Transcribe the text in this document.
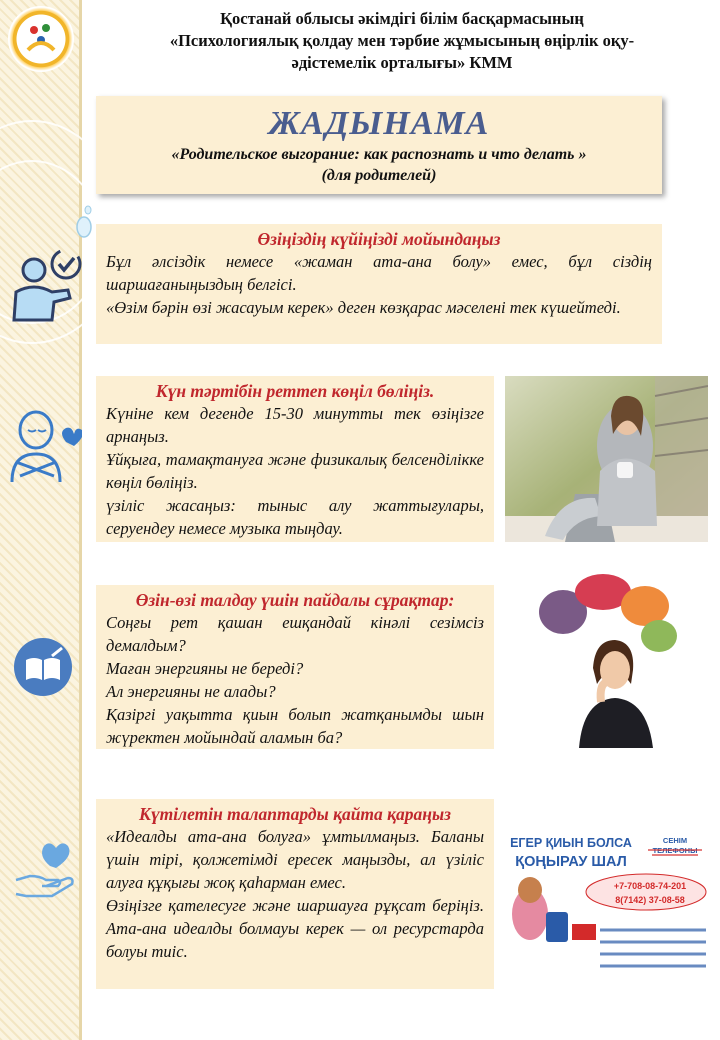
Қостанай облысы әкімдігі білім басқармасының
«Психологиялық қолдау мен тәрбие жұмысының өңірлік оқу-
әдістемелік орталығы» КММ
ЖАДЫНАМА
«Родительское выгорание: как распознать и что делать »
(для родителей)
Өзіңіздің күйіңізді мойындаңыз

Бұл әлсіздік немесе «жаман ата-ана болу» емес, бұл сіздің шаршағаныңыздың белгісі.

«Өзім бәрін өзі жасауым керек» деген көзқарас мәселені тек күшейтеді.

Күн тәртібін реттеп көңіл бөліңіз.

Күніне кем дегенде 15-30 минутты тек өзіңізге арнаңыз.

Ұйқыға, тамақтануға және физикалық белсенділікке көңіл бөліңіз.

үзіліс жасаңыз: тыныс алу жаттығулары, серуендеу немесе музыка тыңдау.

Өзін-өзі талдау үшін пайдалы сұрақтар:

Соңғы рет қашан ешқандай кінәлі сезімсіз демалдым?

Маған энергияны не береді?

Ал энергияны не алады?

Қазіргі уақытта қиын болып жатқанымды шын жүректен мойындай аламын ба?

Күтілетін талаптарды қайта қараңыз

«Идеалды ата-ана болуға» ұмтылмаңыз. Баланы үшін тірі, қолжетімді ересек маңызды, ал үзіліс алуға құқығы жоқ қаһарман емес.

Өзіңізге қателесуге және шаршауға рұқсат беріңіз. Ата-ана идеалды болмауы керек — ол ресурстарда болуы тиіс.

ЕГЕР ҚИЫН БОЛСА
ҚОҢЫРАУ ШАЛ
СЕНІМ
+7-708-08-74-201
8(7142) 37-08-58
